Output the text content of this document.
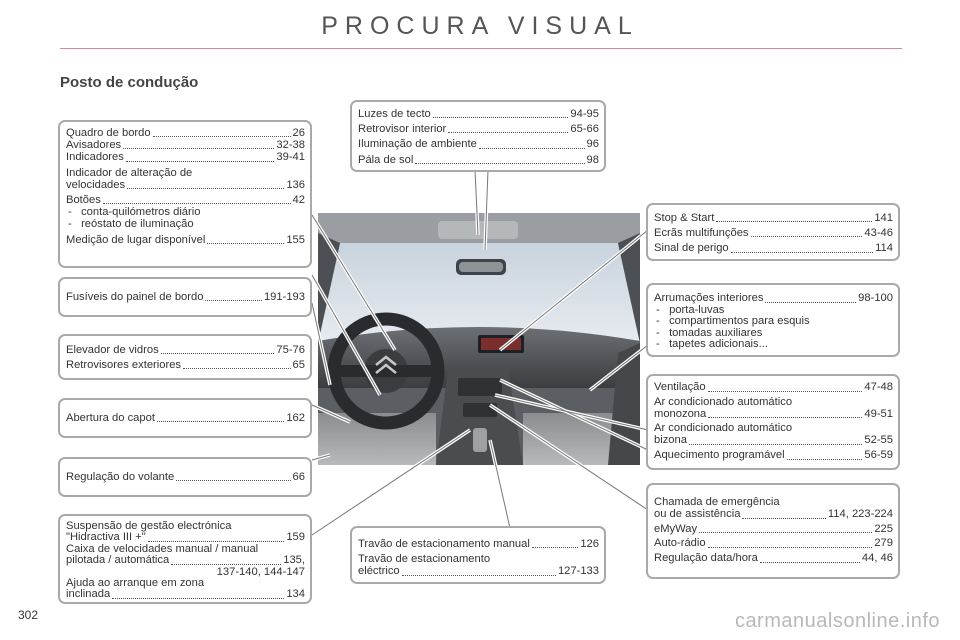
PROCURA VISUAL
Posto de condução
Quadro de bordo	26
Avisadores	32-38
Indicadores	39-41
Indicador de alteração de
velocidades	136
Botões	42
- conta-quilómetros diário
- reóstato de iluminação
Medição de lugar disponível	155
Fusíveis do painel de bordo	191-193
Elevador de vidros	75-76
Retrovisores exteriores	65
Abertura do capot	162
Regulação do volante	66
Suspensão de gestão electrónica
"Hidractiva III +"	159
Caixa de velocidades manual / manual
pilotada / automática	135,
137-140, 144-147
Ajuda ao arranque em zona
inclinada	134
Luzes de tecto	94-95
Retrovisor interior	65-66
Iluminação de ambiente	96
Pála de sol	98
Travão de estacionamento manual	126
Travão de estacionamento
eléctrico	127-133
Stop & Start	141
Ecrãs multifunções	43-46
Sinal de perigo	114
Arrumações interiores	98-100
- porta-luvas
- compartimentos para esquis
- tomadas auxiliares
- tapetes adicionais...
Ventilação	47-48
Ar condicionado automático
monozona	49-51
Ar condicionado automático
bizona	52-55
Aquecimento programável	56-59
Chamada de emergência
ou de assistência	114, 223-224
eMyWay	225
Auto-rádio	279
Regulação data/hora	44, 46
302	carmanualsonline.info
